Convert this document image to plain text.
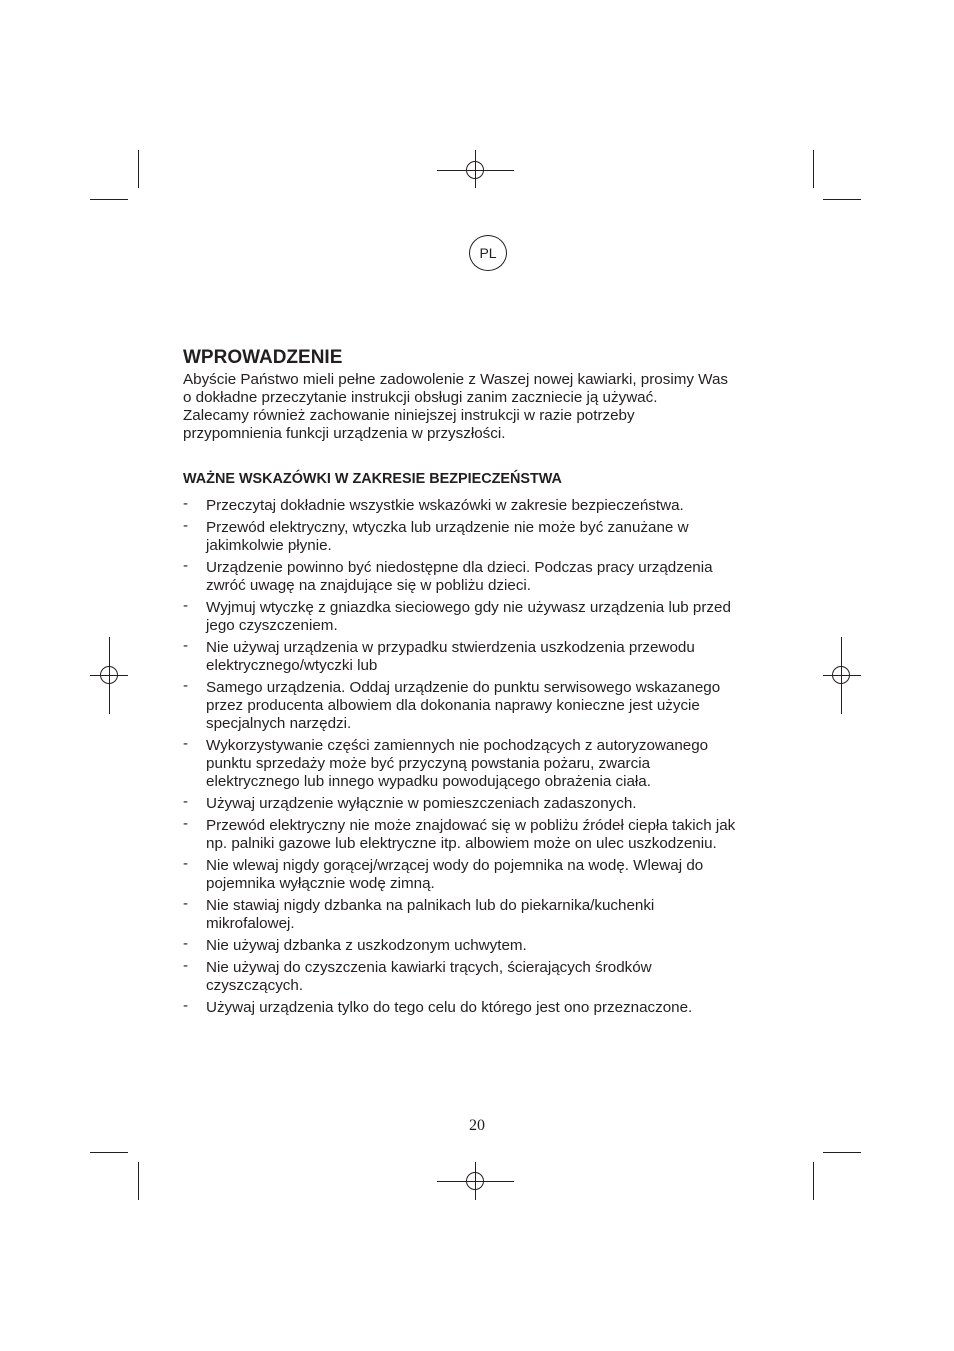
PL
WPROWADZENIE

Abyście Państwo mieli pełne zadowolenie z Waszej nowej kawiarki, prosimy Was
o dokładne przeczytanie instrukcji obsługi zanim zaczniecie ją używać.
Zalecamy również zachowanie niniejszej instrukcji w razie potrzeby
przypomnienia funkcji urządzenia w przyszłości.

WAŻNE WSKAZÓWKI W ZAKRESIE BEZPIECZEŃSTWA
- Przeczytaj dokładnie wszystkie wskazówki w zakresie bezpieczeństwa.
- Przewód elektryczny, wtyczka lub urządzenie nie może być zanużane w
jakimkolwie płynie.
- Urządzenie powinno być niedostępne dla dzieci. Podczas pracy urządzenia
zwróć uwagę na znajdujące się w pobliżu dzieci.
- Wyjmuj wtyczkę z gniazdka sieciowego gdy nie używasz urządzenia lub przed
jego czyszczeniem.
- Nie używaj urządzenia w przypadku stwierdzenia uszkodzenia przewodu
elektrycznego/wtyczki lub
- Samego urządzenia. Oddaj urządzenie do punktu serwisowego wskazanego
przez producenta albowiem dla dokonania naprawy konieczne jest użycie
specjalnych narzędzi.
- Wykorzystywanie części zamiennych nie pochodzących z autoryzowanego
punktu sprzedaży może być przyczyną powstania pożaru, zwarcia
elektrycznego lub innego wypadku powodującego obrażenia ciała.
- Używaj urządzenie wyłącznie w pomieszczeniach zadaszonych.
- Przewód elektryczny nie może znajdować się w pobliżu źródeł ciepła takich jak
np. palniki gazowe lub elektryczne itp. albowiem może on ulec uszkodzeniu.
- Nie wlewaj nigdy gorącej/wrzącej wody do pojemnika na wodę. Wlewaj do
pojemnika wyłącznie wodę zimną.
- Nie stawiaj nigdy dzbanka na palnikach lub do piekarnika/kuchenki
mikrofalowej.
- Nie używaj dzbanka z uszkodzonym uchwytem.
- Nie używaj do czyszczenia kawiarki trących, ścierających środków
czyszczących.
- Używaj urządzenia tylko do tego celu do którego jest ono przeznaczone.
20
